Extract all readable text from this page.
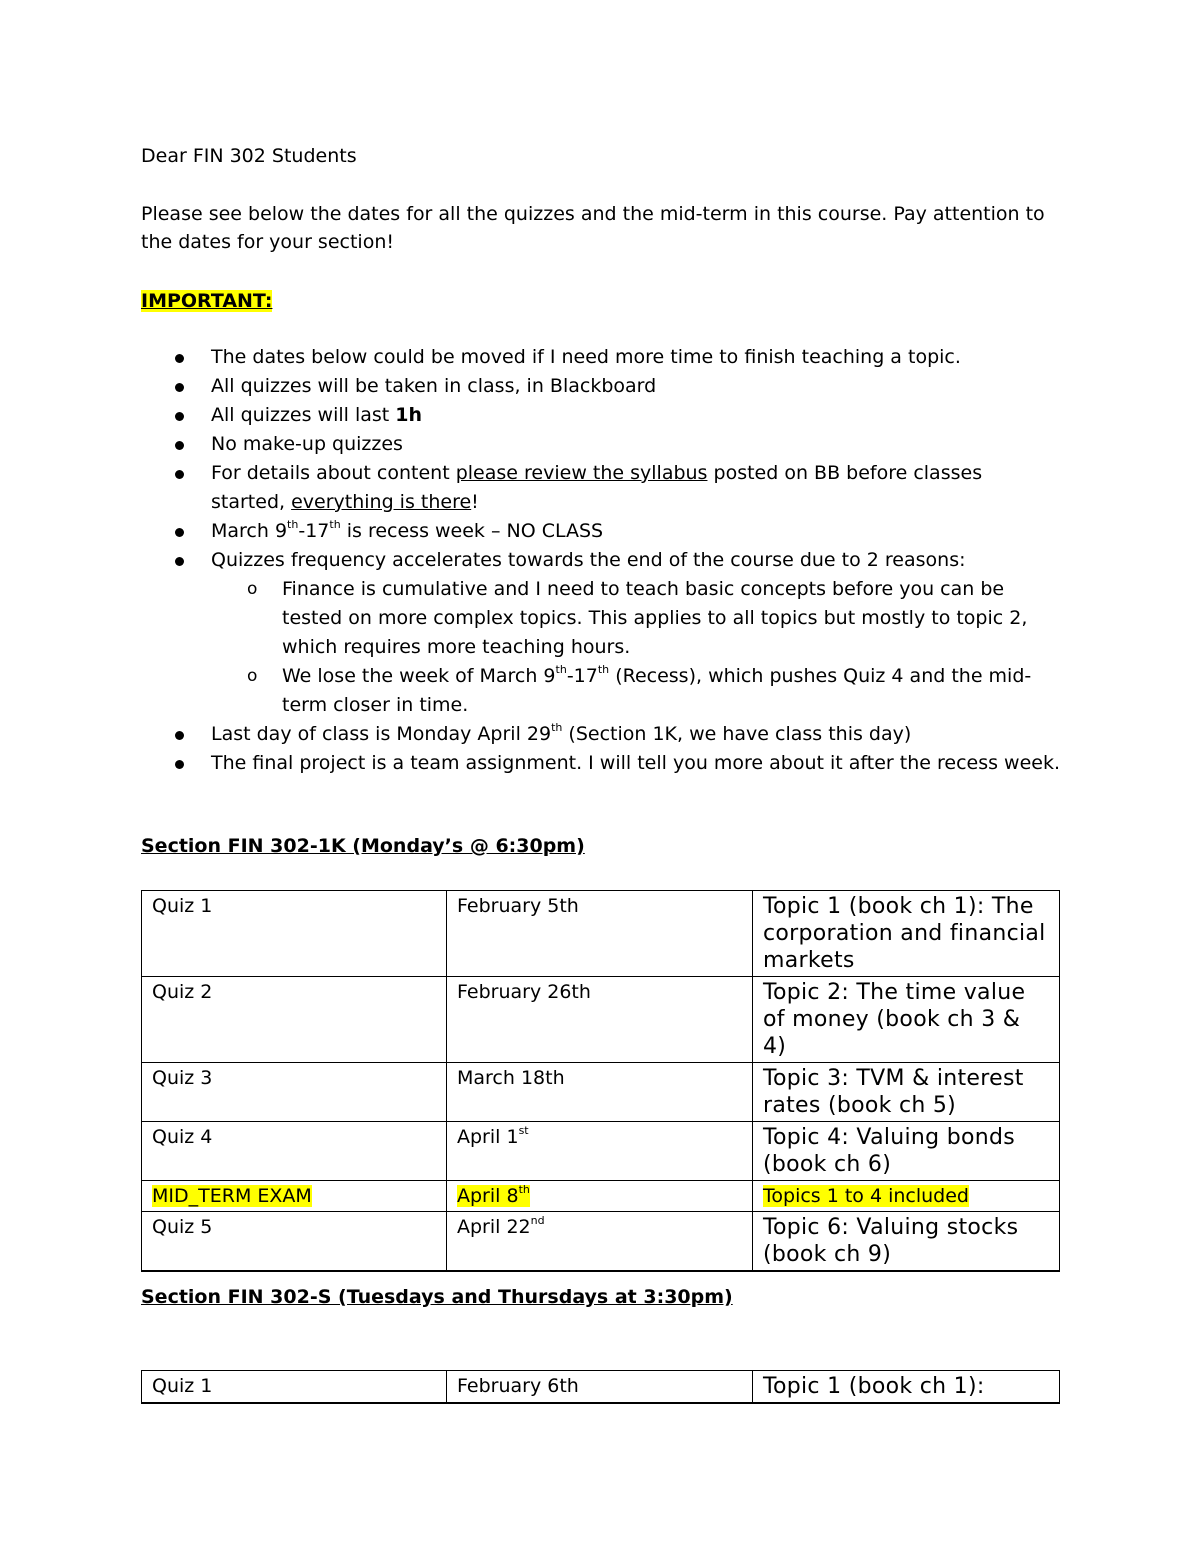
Dear FIN 302 Students
Please see below the dates for all the quizzes and the mid-term in this course. Pay attention to
the dates for your section!
IMPORTANT:
The dates below could be moved if I need more time to finish teaching a topic.
All quizzes will be taken in class, in Blackboard
All quizzes will last 1h
No make-up quizzes
For details about content please review the syllabus posted on BB before classes
started, everything is there!
March 9th-17th is recess week – NO CLASS
Quizzes frequency accelerates towards the end of the course due to 2 reasons:
o Finance is cumulative and I need to teach basic concepts before you can be
tested on more complex topics. This applies to all topics but mostly to topic 2,
which requires more teaching hours.
o We lose the week of March 9th-17th (Recess), which pushes Quiz 4 and the mid-
term closer in time.
Last day of class is Monday April 29th (Section 1K, we have class this day)
The final project is a team assignment. I will tell you more about it after the recess week.
Section FIN 302-1K (Monday’s @ 6:30pm)
Quiz 1	February 5th	Topic 1 (book ch 1): The corporation and financial markets
Quiz 2	February 26th	Topic 2: The time value of money (book ch 3 & 4)
Quiz 3	March 18th	Topic 3: TVM & interest rates (book ch 5)
Quiz 4	April 1st	Topic 4: Valuing bonds (book ch 6)
MID_TERM EXAM	April 8th	Topics 1 to 4 included
Quiz 5	April 22nd	Topic 6: Valuing stocks (book ch 9)
Section FIN 302-S (Tuesdays and Thursdays at 3:30pm)
Quiz 1	February 6th	Topic 1 (book ch 1):
